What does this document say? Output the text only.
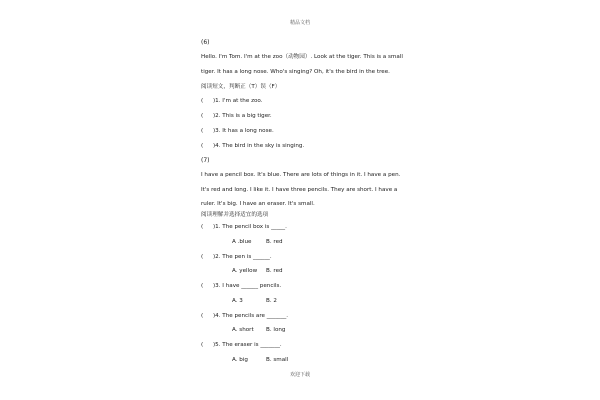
精品文档
(6)
Hello. I'm Tom. I'm at the zoo（动物园）. Look at the tiger. This is a small
tiger. It has a long nose. Who's singing? Oh, it's the bird in the tree.
阅读短文，判断正（T）误（F）
( )1. I'm at the zoo.
( )2. This is a big tiger.
( )3. It has a long nose.
( )4. The bird in the sky is singing.
(7)
I have a pencil box. It's blue. There are lots of things in it. I have a pen.
It's red and long. I like it. I have three pencils. They are short. I have a
ruler. It's big. I have an eraser. It's small.
阅读理解并选择适宜的选项
( )1. The pencil box is _____.
A .blue	B. red
( )2. The pen is ______.
A. yellow B. red
( )3. I have ______ pencils.
A. 3	B. 2
( )4. The pencils are _______.
A. short B. long
( )5. The eraser is _______.
A. big	B. small
欢迎下载
